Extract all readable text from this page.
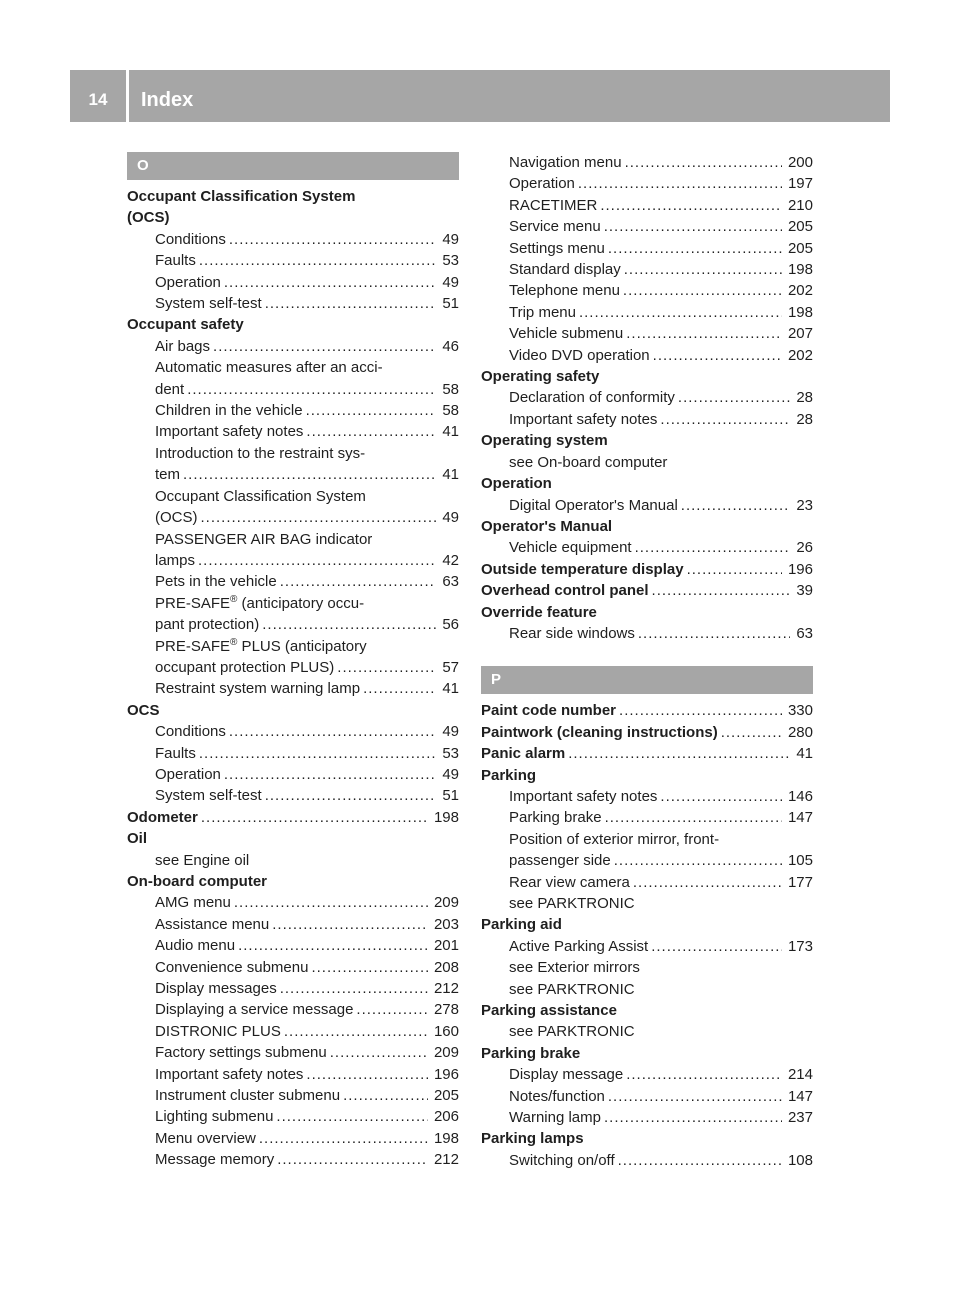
14	Index
O
Occupant Classification System
(OCS)
Conditions .....	49
Faults .....	53
Operation .....	49
System self-test .....	51
Occupant safety
Air bags .....	46
Automatic measures after an acci-
dent .....	58
Children in the vehicle .....	58
Important safety notes .....	41
Introduction to the restraint sys-
tem .....	41
Occupant Classification System
(OCS) .....	49
PASSENGER AIR BAG indicator
lamps .....	42
Pets in the vehicle .....	63
PRE-SAFE® (anticipatory occu-
pant protection) .....	56
PRE-SAFE® PLUS (anticipatory
occupant protection PLUS) .....	57
Restraint system warning lamp .....	41
OCS
Conditions .....	49
Faults .....	53
Operation .....	49
System self-test .....	51
Odometer .....	198
Oil
see Engine oil
On-board computer
AMG menu .....	209
Assistance menu .....	203
Audio menu .....	201
Convenience submenu .....	208
Display messages .....	212
Displaying a service message .....	278
DISTRONIC PLUS .....	160
Factory settings submenu .....	209
Important safety notes .....	196
Instrument cluster submenu .....	205
Lighting submenu .....	206
Menu overview .....	198
Message memory .....	212
Navigation menu .....	200
Operation .....	197
RACETIMER .....	210
Service menu .....	205
Settings menu .....	205
Standard display .....	198
Telephone menu .....	202
Trip menu .....	198
Vehicle submenu .....	207
Video DVD operation .....	202
Operating safety
Declaration of conformity .....	28
Important safety notes .....	28
Operating system
see On-board computer
Operation
Digital Operator's Manual .....	23
Operator's Manual
Vehicle equipment .....	26
Outside temperature display .....	196
Overhead control panel .....	39
Override feature
Rear side windows .....	63
P
Paint code number .....	330
Paintwork (cleaning instructions) .....	280
Panic alarm .....	41
Parking
Important safety notes .....	146
Parking brake .....	147
Position of exterior mirror, front-
passenger side .....	105
Rear view camera .....	177
see PARKTRONIC
Parking aid
Active Parking Assist .....	173
see Exterior mirrors
see PARKTRONIC
Parking assistance
see PARKTRONIC
Parking brake
Display message .....	214
Notes/function .....	147
Warning lamp .....	237
Parking lamps
Switching on/off .....	108
